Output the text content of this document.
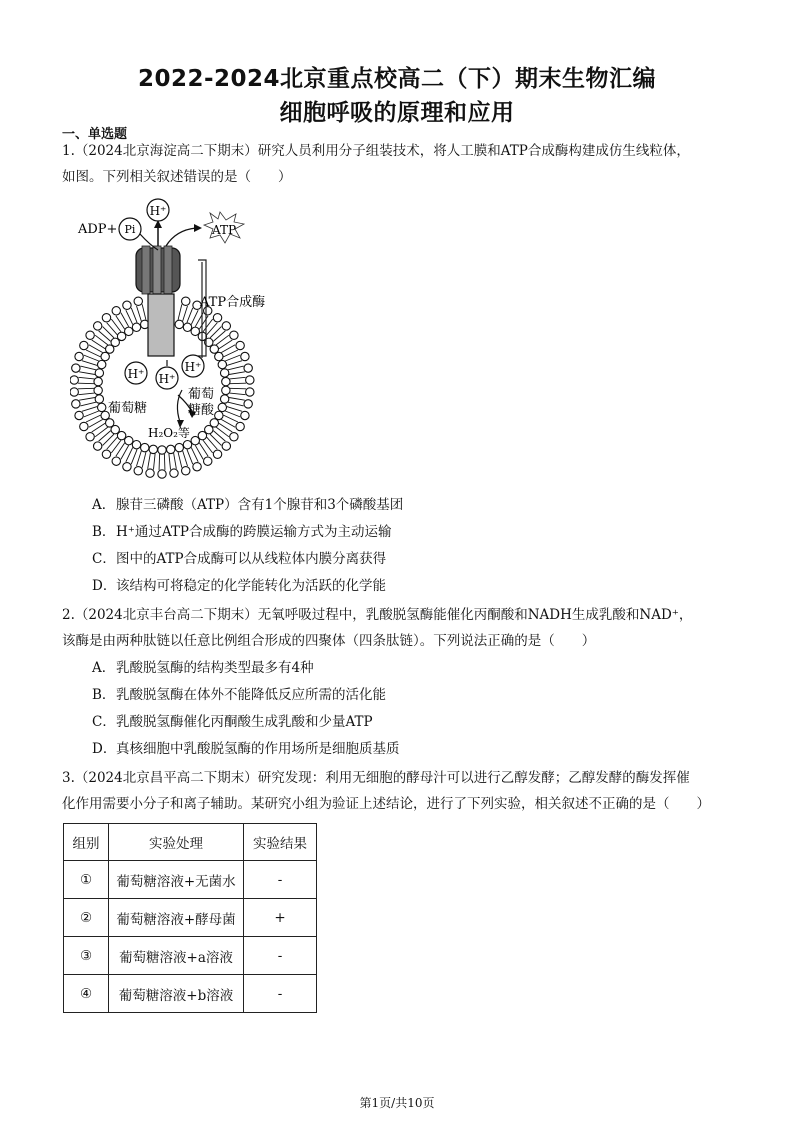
2022-2024北京重点校高二（下）期末生物汇编
细胞呼吸的原理和应用
一、单选题
1.（2024北京海淀高二下期末）研究人员利用分子组装技术，将人工膜和ATP合成酶构建成仿生线粒体，
如图。下列相关叙述错误的是（　　）
H⁺
ADP+ Pi	ATP
ATP合成酶
H⁺ H⁺
H⁺
葡萄糖
葡萄
糖酸
H₂O₂等
A．腺苷三磷酸（ATP）含有1个腺苷和3个磷酸基团
B．H⁺通过ATP合成酶的跨膜运输方式为主动运输
C．图中的ATP合成酶可以从线粒体内膜分离获得
D．该结构可将稳定的化学能转化为活跃的化学能
2.（2024北京丰台高二下期末）无氧呼吸过程中，乳酸脱氢酶能催化丙酮酸和NADH生成乳酸和NAD⁺，
该酶是由两种肽链以任意比例组合形成的四聚体（四条肽链）。下列说法正确的是（　　）
A．乳酸脱氢酶的结构类型最多有4种
B．乳酸脱氢酶在体外不能降低反应所需的活化能
C．乳酸脱氢酶催化丙酮酸生成乳酸和少量ATP
D．真核细胞中乳酸脱氢酶的作用场所是细胞质基质
3.（2024北京昌平高二下期末）研究发现：利用无细胞的酵母汁可以进行乙醇发酵；乙醇发酵的酶发挥催
化作用需要小分子和离子辅助。某研究小组为验证上述结论，进行了下列实验，相关叙述不正确的是（　　）
组别	实验处理	实验结果
①	葡萄糖溶液+无菌水	-
②	葡萄糖溶液+酵母菌	+
③	葡萄糖溶液+a溶液	-
④	葡萄糖溶液+b溶液	-
第1页/共10页
